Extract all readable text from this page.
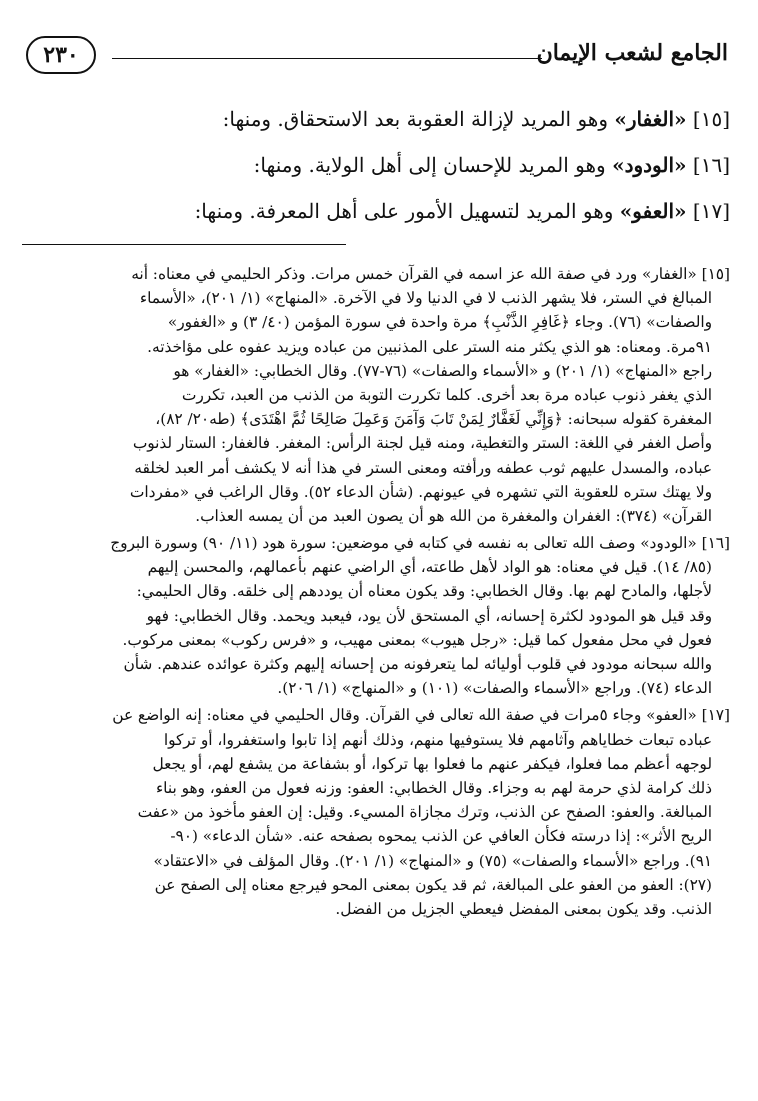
٢٣٠	الجامع لشعب الإيمان
[١٥] «الغفار» وهو المريد لإزالة العقوبة بعد الاستحقاق. ومنها:
[١٦] «الودود» وهو المريد للإحسان إلى أهل الولاية. ومنها:
[١٧] «العفو» وهو المريد لتسهيل الأمور على أهل المعرفة. ومنها:
[١٥] «الغفار» ورد في صفة الله عز اسمه في القرآن خمس مرات. وذكر الحليمي في معناه: أنه
المبالغ في الستر، فلا يشهر الذنب لا في الدنيا ولا في الآخرة. «المنهاج» (١/ ٢٠١)، «الأسماء
والصفات» (٧٦). وجاء ﴿غَافِرِ الذَّنْبِ﴾ مرة واحدة في سورة المؤمن (٤٠/ ٣) و «الغفور»
٩١مرة. ومعناه: هو الذي يكثر منه الستر على المذنبين من عباده ويزيد عفوه على مؤاخذته.
راجع «المنهاج» (١/ ٢٠١) و «الأسماء والصفات» (٧٦-٧٧). وقال الخطابي: «الغفار» هو
الذي يغفر ذنوب عباده مرة بعد أخرى. كلما تكررت التوبة من الذنب من العبد، تكررت
المغفرة كقوله سبحانه: ﴿وَإِنِّي لَغَفَّارٌ لِمَنْ تَابَ وَآمَنَ وَعَمِلَ صَالِحًا ثُمَّ اهْتَدَى﴾ (طه٢٠/ ٨٢)،
وأصل الغفر في اللغة: الستر والتغطية، ومنه قيل لجنة الرأس: المغفر. فالغفار: الستار لذنوب
عباده، والمسدل عليهم ثوب عطفه ورأفته ومعنى الستر في هذا أنه لا يكشف أمر العبد لخلقه
ولا يهتك ستره للعقوبة التي تشهره في عيونهم. (شأن الدعاء ٥٢). وقال الراغب في «مفردات
القرآن» (٣٧٤): الغفران والمغفرة من الله هو أن يصون العبد من أن يمسه العذاب.
[١٦] «الودود» وصف الله تعالى به نفسه في كتابه في موضعين: سورة هود (١١/ ٩٠) وسورة البروج
(٨٥/ ١٤). قيل في معناه: هو الواد لأهل طاعته، أي الراضي عنهم بأعمالهم، والمحسن إليهم
لأجلها، والمادح لهم بها. وقال الخطابي: وقد يكون معناه أن يوددهم إلى خلقه. وقال الحليمي:
وقد قيل هو المودود لكثرة إحسانه، أي المستحق لأن يود، فيعبد ويحمد. وقال الخطابي: فهو
فعول في محل مفعول كما قيل: «رجل هيوب» بمعنى مهيب، و «فرس ركوب» بمعنى مركوب.
والله سبحانه مودود في قلوب أوليائه لما يتعرفونه من إحسانه إليهم وكثرة عوائده عندهم. شأن
الدعاء (٧٤). وراجع «الأسماء والصفات» (١٠١) و «المنهاج» (١/ ٢٠٦).
[١٧] «العفو» وجاء ٥مرات في صفة الله تعالى في القرآن. وقال الحليمي في معناه: إنه الواضع عن
عباده تبعات خطاياهم وآثامهم فلا يستوفيها منهم، وذلك أنهم إذا تابوا واستغفروا، أو تركوا
لوجهه أعظم مما فعلوا، فيكفر عنهم ما فعلوا بها تركوا، أو بشفاعة من يشفع لهم، أو يجعل
ذلك كرامة لذي حرمة لهم به وجزاء. وقال الخطابي: العفو: وزنه فعول من العفو، وهو بناء
المبالغة. والعفو: الصفح عن الذنب، وترك مجازاة المسيء. وقيل: إن العفو مأخوذ من «عفت
الريح الأثر»: إذا درسته فكأن العافي عن الذنب يمحوه بصفحه عنه. «شأن الدعاء» (٩٠-
٩١). وراجع «الأسماء والصفات» (٧٥) و «المنهاج» (١/ ٢٠١). وقال المؤلف في «الاعتقاد»
(٢٧): العفو من العفو على المبالغة، ثم قد يكون بمعنى المحو فيرجع معناه إلى الصفح عن
الذنب. وقد يكون بمعنى المفضل فيعطي الجزيل من الفضل.
